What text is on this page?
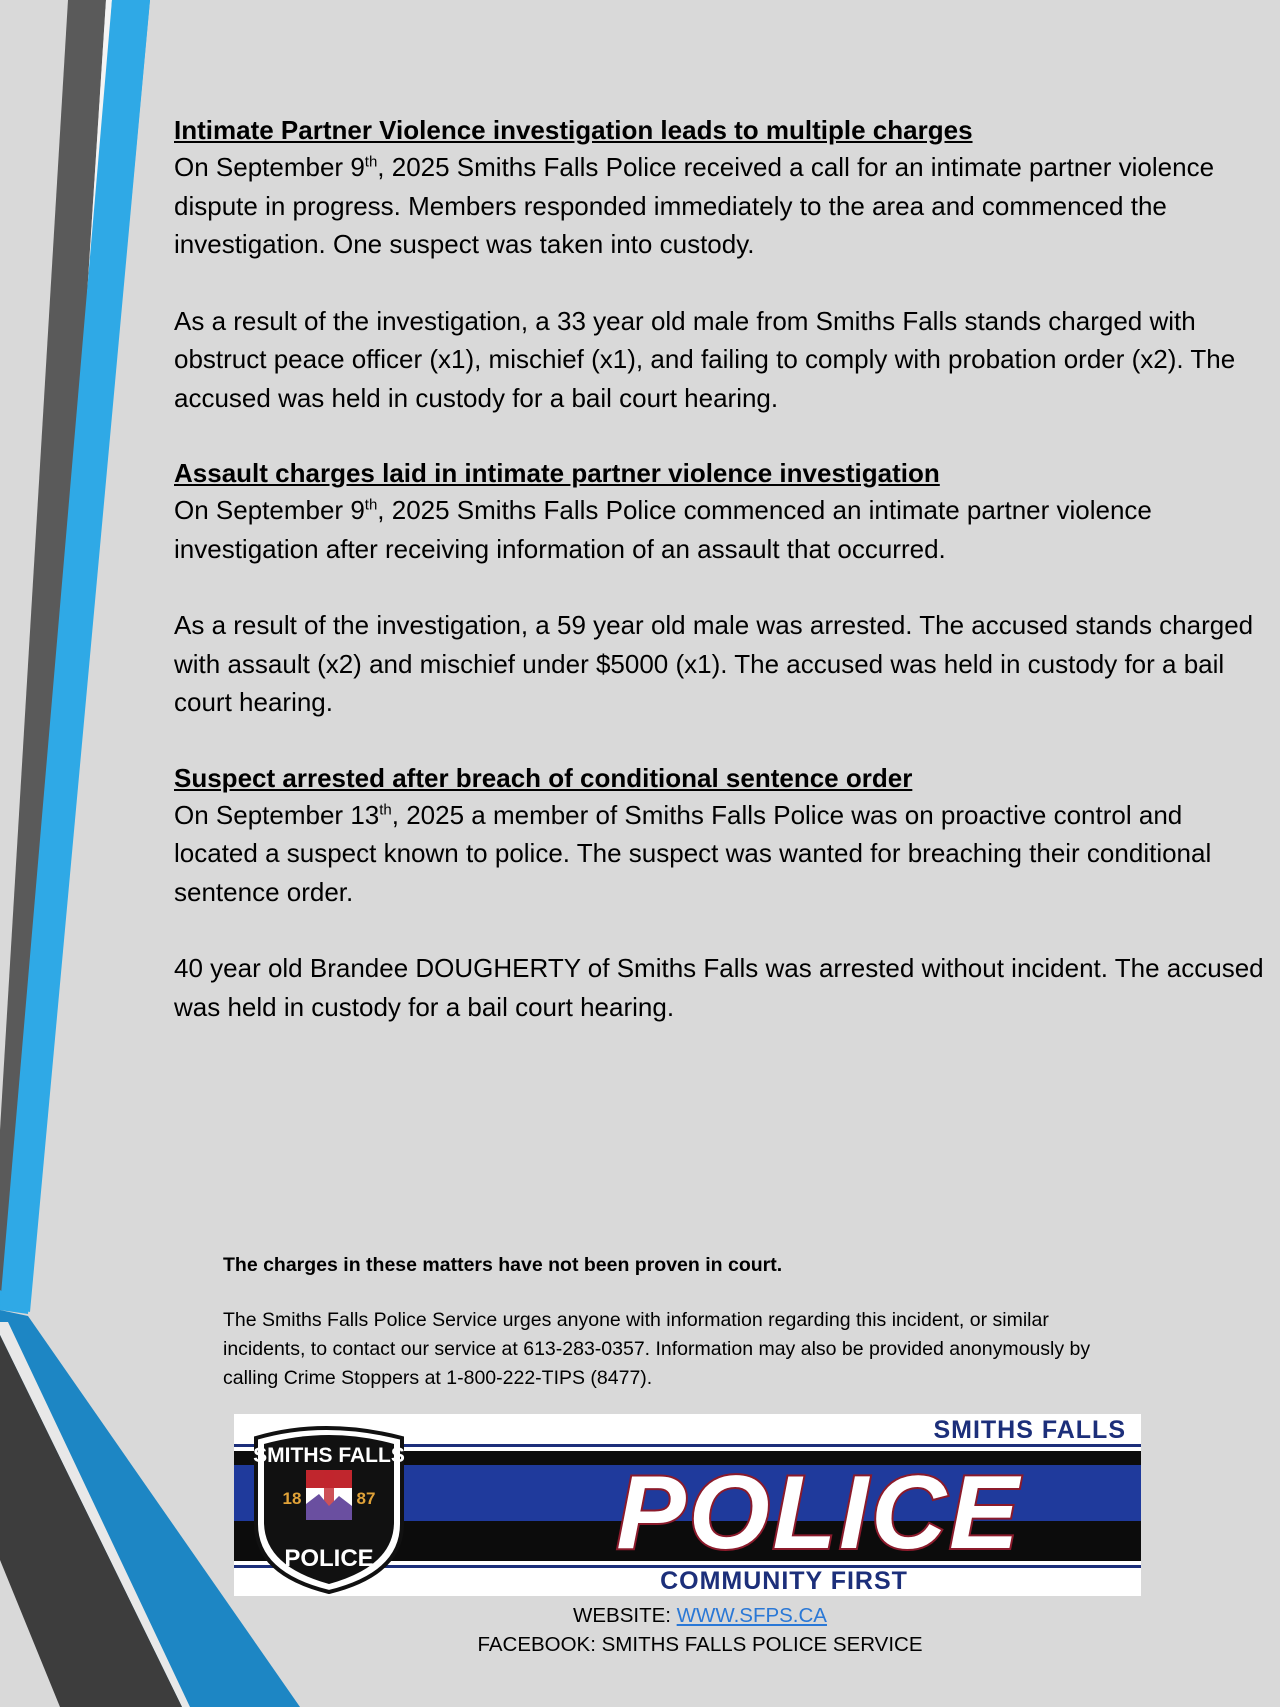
Intimate Partner Violence investigation leads to multiple charges

On September 9th, 2025 Smiths Falls Police received a call for an intimate partner violence dispute in progress. Members responded immediately to the area and commenced the investigation. One suspect was taken into custody.

As a result of the investigation, a 33 year old male from Smiths Falls stands charged with obstruct peace officer (x1), mischief (x1), and failing to comply with probation order (x2). The accused was held in custody for a bail court hearing.

Assault charges laid in intimate partner violence investigation

On September 9th, 2025 Smiths Falls Police commenced an intimate partner violence investigation after receiving information of an assault that occurred.

As a result of the investigation, a 59 year old male was arrested. The accused stands charged with assault (x2) and mischief under $5000 (x1). The accused was held in custody for a bail court hearing.

Suspect arrested after breach of conditional sentence order

On September 13th, 2025 a member of Smiths Falls Police was on proactive control and located a suspect known to police. The suspect was wanted for breaching their conditional sentence order.

40 year old Brandee DOUGHERTY of Smiths Falls was arrested without incident. The accused was held in custody for a bail court hearing.

The charges in these matters have not been proven in court.

The Smiths Falls Police Service urges anyone with information regarding this incident, or similar incidents, to contact our service at 613-283-0357. Information may also be provided anonymously by calling Crime Stoppers at 1-800-222-TIPS (8477).

SMITHS FALLS
POLICE
COMMUNITY FIRST
SMITHS FALLS
18	87
POLICE
WEBSITE: WWW.SFPS.CA
FACEBOOK: SMITHS FALLS POLICE SERVICE
